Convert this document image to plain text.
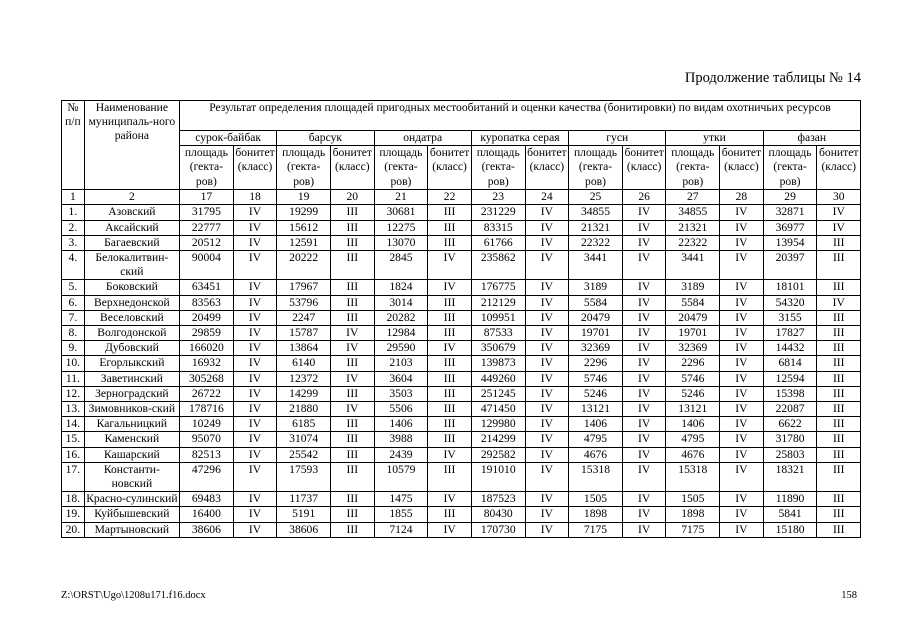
Продолжение таблицы № 14
№ п/п	Наименование муниципаль-ного района	Результат определения площадей пригодных местообитаний и оценки качества (бонитировки) по видам охотничьих ресурсов													
		сурок-байбак		барсук		ондатра		куропатка серая		гуси		утки		фазан	
		площадь (гекта-ров)	бонитет (класс)	площадь (гекта-ров)	бонитет (класс)	площадь (гекта-ров)	бонитет (класс)	площадь (гекта-ров)	бонитет (класс)	площадь (гекта-ров)	бонитет (класс)	площадь (гекта-ров)	бонитет (класс)	площадь (гекта-ров)	бонитет (класс)
1	2	17	18	19	20	21	22	23	24	25	26	27	28	29	30
1.	Азовский	31795	IV	19299	III	30681	III	231229	IV	34855	IV	34855	IV	32871	IV
2.	Аксайский	22777	IV	15612	III	12275	III	83315	IV	21321	IV	21321	IV	36977	IV
3.	Багаевский	20512	IV	12591	III	13070	III	61766	IV	22322	IV	22322	IV	13954	III
4.	Белокалитвин-ский	90004	IV	20222	III	2845	IV	235862	IV	3441	IV	3441	IV	20397	III
5.	Боковский	63451	IV	17967	III	1824	IV	176775	IV	3189	IV	3189	IV	18101	III
6.	Верхнедонской	83563	IV	53796	III	3014	III	212129	IV	5584	IV	5584	IV	54320	IV
7.	Веселовский	20499	IV	2247	III	20282	III	109951	IV	20479	IV	20479	IV	3155	III
8.	Волгодонской	29859	IV	15787	IV	12984	III	87533	IV	19701	IV	19701	IV	17827	III
9.	Дубовский	166020	IV	13864	IV	29590	IV	350679	IV	32369	IV	32369	IV	14432	III
10.	Егорлыкский	16932	IV	6140	III	2103	III	139873	IV	2296	IV	2296	IV	6814	III
11.	Заветинский	305268	IV	12372	IV	3604	III	449260	IV	5746	IV	5746	IV	12594	III
12.	Зерноградский	26722	IV	14299	III	3503	III	251245	IV	5246	IV	5246	IV	15398	III
13.	Зимовников-ский	178716	IV	21880	IV	5506	III	471450	IV	13121	IV	13121	IV	22087	III
14.	Кагальницкий	10249	IV	6185	III	1406	III	129980	IV	1406	IV	1406	IV	6622	III
15.	Каменский	95070	IV	31074	III	3988	III	214299	IV	4795	IV	4795	IV	31780	III
16.	Кашарский	82513	IV	25542	III	2439	IV	292582	IV	4676	IV	4676	IV	25803	III
17.	Константи-новский	47296	IV	17593	III	10579	III	191010	IV	15318	IV	15318	IV	18321	III
18.	Красно-сулинский	69483	IV	11737	III	1475	IV	187523	IV	1505	IV	1505	IV	11890	III
19.	Куйбышевский	16400	IV	5191	III	1855	III	80430	IV	1898	IV	1898	IV	5841	III
20.	Мартыновский	38606	IV	38606	III	7124	IV	170730	IV	7175	IV	7175	IV	15180	III
Z:\ORST\Ugo\1208u171.f16.docx	158
